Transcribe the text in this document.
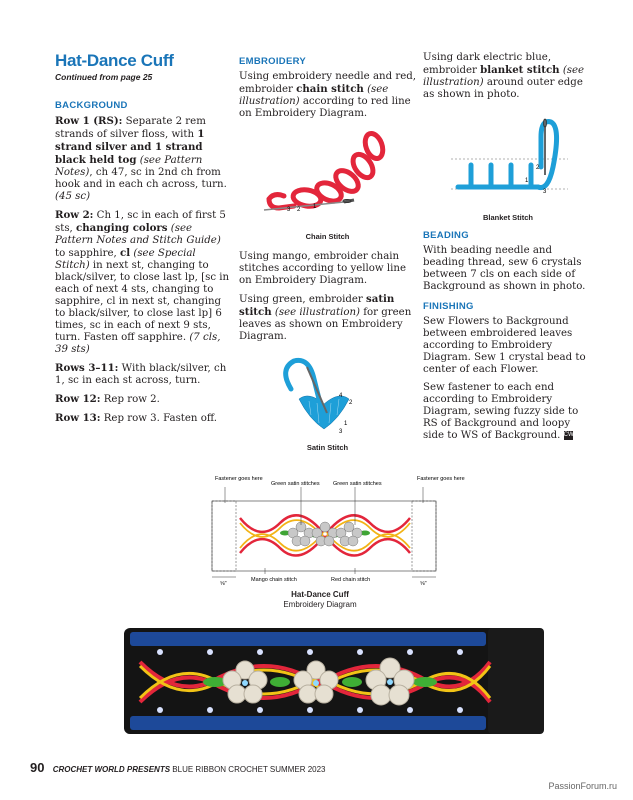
Hat-Dance Cuff
Continued from page 25
BACKGROUND

Row 1 (RS): Separate 2 rem strands of silver floss, with 1 strand silver and 1 strand black held tog (see Pattern Notes), ch 47, sc in 2nd ch from hook and in each ch across, turn. (45 sc)

Row 2: Ch 1, sc in each of first 5 sts, changing colors (see Pattern Notes and Stitch Guide) to sapphire, cl (see Special Stitch) in next st, changing to black/silver, to close last lp, [sc in each of next 4 sts, changing to sapphire, cl in next st, changing to black/silver, to close last lp] 6 times, sc in each of next 9 sts, turn. Fasten off sapphire. (7 cls, 39 sts)

Rows 3–11: With black/silver, ch 1, sc in each st across, turn.

Row 12: Rep row 2.

Row 13: Rep row 3. Fasten off.

EMBROIDERY

Using embroidery needle and red, embroider chain stitch (see illustration) according to red line on Embroidery Diagram.

3 2 1
Chain Stitch

Using mango, embroider chain stitches according to yellow line on Embroidery Diagram.

Using green, embroider satin stitch (see illustration) for green leaves as shown on Embroidery Diagram.

4
2
1
3
Satin Stitch

Using dark electric blue, embroider blanket stitch (see illustration) around outer edge as shown in photo.

2
1
3
Blanket Stitch
BEADING

With beading needle and beading thread, sew 6 crystals between 7 cls on each side of Background as shown in photo.

FINISHING

Sew Flowers to Background between embroidered leaves according to Embroidery Diagram. Sew 1 crystal bead to center of each Flower.

Sew fastener to each end according to Embroidery Diagram, sewing fuzzy side to RS of Background and loopy side to WS of Background. CW

Fastener goes here	Fastener goes here
Green satin stitches Green satin stitches
Mango chain stitch	Red chain stitch
⅝"	⅝"
Hat-Dance Cuff
Embroidery Diagram
90 CROCHET WORLD PRESENTS BLUE RIBBON CROCHET SUMMER 2023
PassionForum.ru
